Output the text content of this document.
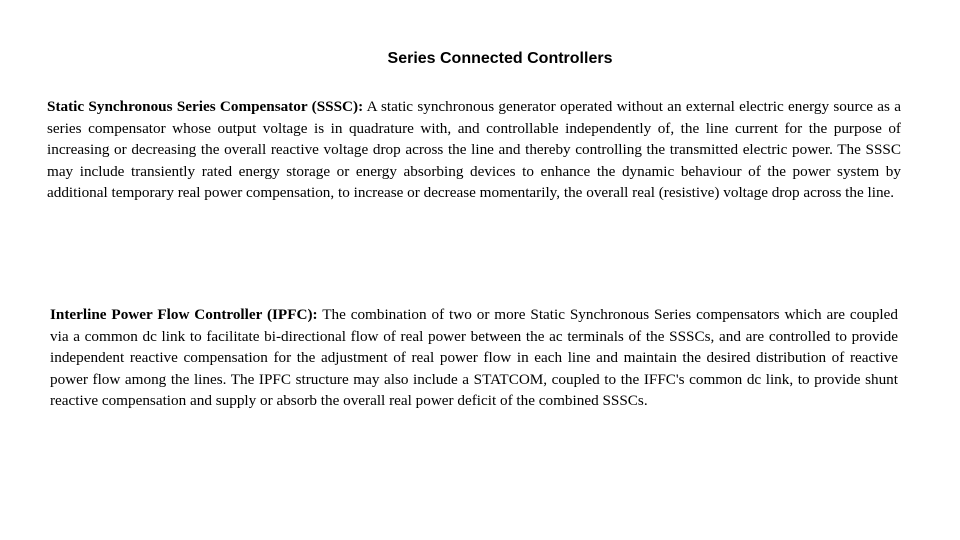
Series Connected Controllers

Static Synchronous Series Compensator (SSSC): A static synchronous generator operated without an external electric energy source as a series compensator whose output voltage is in quadrature with, and controllable independently of, the line current for the purpose of increasing or decreasing the overall reactive voltage drop across the line and thereby controlling the transmitted electric power. The SSSC may include transiently rated energy storage or energy absorbing devices to enhance the dynamic behaviour of the power system by additional temporary real power compensation, to increase or decrease momentarily, the overall real (resistive) voltage drop across the line.

Interline Power Flow Controller (IPFC): The combination of two or more Static Synchronous Series compensators which are coupled via a common dc link to facilitate bi-directional flow of real power between the ac terminals of the SSSCs, and are controlled to provide independent reactive compensation for the adjustment of real power flow in each line and maintain the desired distribution of reactive power flow among the lines. The IPFC structure may also include a STATCOM, coupled to the IFFC's common dc link, to provide shunt reactive compensation and supply or absorb the overall real power deficit of the combined SSSCs.
